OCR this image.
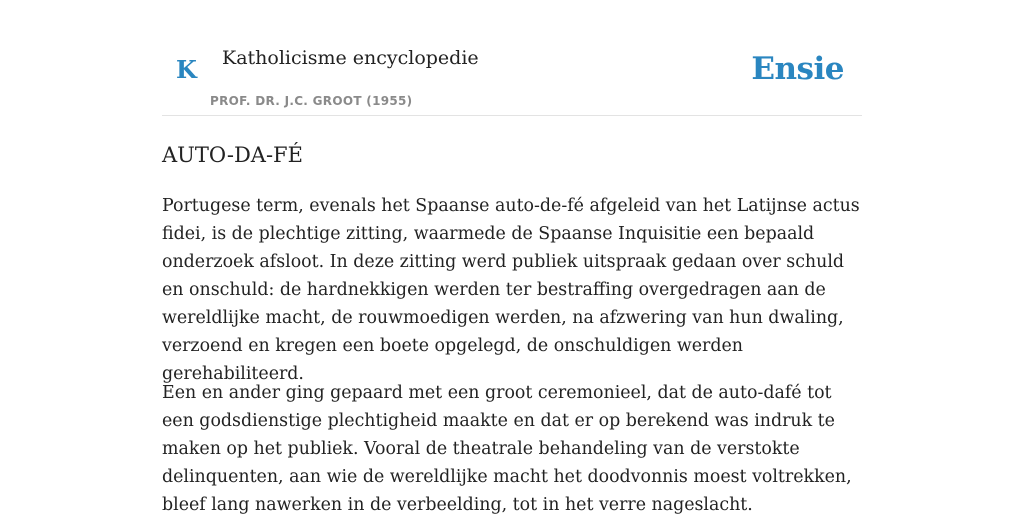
K Katholicisme encyclopedie
PROF. DR. J.C. GROOT (1955)
Ensie
AUTO-DA-FÉ

Portugese term, evenals het Spaanse auto-de-fé afgeleid van het Latijnse actus fidei, is de plechtige zitting, waarmede de Spaanse Inquisitie een bepaald onderzoek afsloot. In deze zitting werd publiek uitspraak gedaan over schuld en onschuld: de hardnekkigen werden ter bestraffing overgedragen aan de wereldlijke macht, de rouwmoedigen werden, na afzwering van hun dwaling, verzoend en kregen een boete opgelegd, de onschuldigen werden gerehabiliteerd.

Een en ander ging gepaard met een groot ceremonieel, dat de auto-dafé tot een godsdienstige plechtigheid maakte en dat er op berekend was indruk te maken op het publiek. Vooral de theatrale behandeling van de verstokte delinquenten, aan wie de wereldlijke macht het doodvonnis moest voltrekken, bleef lang nawerken in de verbeelding, tot in het verre nageslacht.
